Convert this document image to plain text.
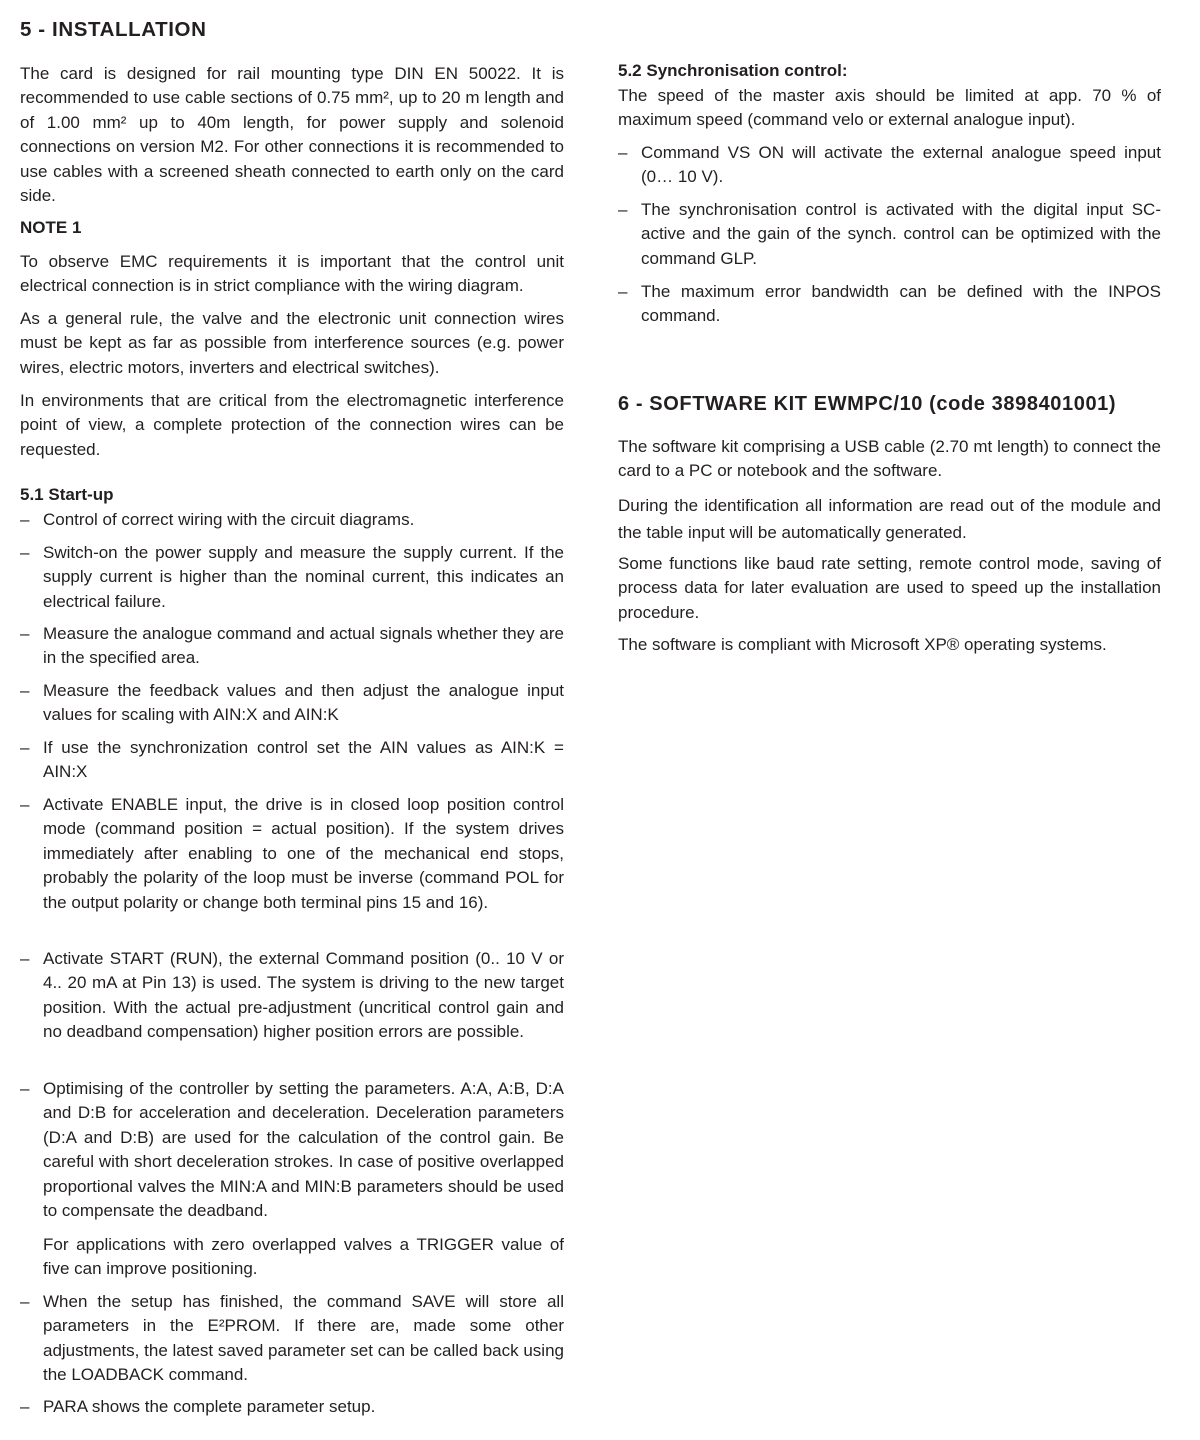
5 - INSTALLATION

The card is designed for rail mounting type DIN EN 50022. It is recommended to use cable sections of 0.75 mm², up to 20 m length and of 1.00 mm² up to 40m length, for power supply and solenoid connections on version M2. For other connections it is recommended to use cables with a screened sheath connected to earth only on the card side.

NOTE 1

To observe EMC requirements it is important that the control unit electrical connection is in strict compliance with the wiring diagram.

As a general rule, the valve and the electronic unit connection wires must be kept as far as possible from interference sources (e.g. power wires, electric motors, inverters and electrical switches).

In environments that are critical from the electromagnetic interference point of view, a complete protection of the connection wires can be requested.

5.1 Start-up
– Control of correct wiring with the circuit diagrams.
– Switch-on the power supply and measure the supply current. If the supply current is higher than the nominal current, this indicates an electrical failure.
– Measure the analogue command and actual signals whether they are in the specified area.
– Measure the feedback values and then adjust the analogue input values for scaling with AIN:X and AIN:K
– If use the synchronization control set the AIN values as AIN:K = AIN:X
– Activate ENABLE input, the drive is in closed loop position control mode (command position = actual position). If the system drives immediately after enabling to one of the mechanical end stops, probably the polarity of the loop must be inverse (command POL for the output polarity or change both terminal pins 15 and 16).
– Activate START (RUN), the external Command position (0.. 10 V or 4.. 20 mA at Pin 13) is used. The system is driving to the new target position. With the actual pre-adjustment (uncritical control gain and no deadband compensation) higher position errors are possible.
– Optimising of the controller by setting the parameters. A:A, A:B, D:A and D:B for acceleration and deceleration. Deceleration parameters (D:A and D:B) are used for the calculation of the control gain. Be careful with short deceleration strokes. In case of positive overlapped proportional valves the MIN:A and MIN:B parameters should be used to compensate the deadband.
For applications with zero overlapped valves a TRIGGER value of five can improve positioning.
– When the setup has finished, the command SAVE will store all parameters in the E²PROM. If there are, made some other adjustments, the latest saved parameter set can be called back using the LOADBACK command.
– PARA shows the complete parameter setup.
5.2 Synchronisation control:

The speed of the master axis should be limited at app. 70 % of maximum speed (command velo or external analogue input).

– Command VS ON will activate the external analogue speed input (0… 10 V).
– The synchronisation control is activated with the digital input SC-active and the gain of the synch. control can be optimized with the command GLP.
– The maximum error bandwidth can be defined with the INPOS command.
6 - SOFTWARE KIT EWMPC/10 (code 3898401001)

The software kit comprising a USB cable (2.70 mt length) to connect the card to a PC or notebook and the software.

During the identification all information are read out of the module and the table input will be automatically generated.

Some functions like baud rate setting, remote control mode, saving of process data for later evaluation are used to speed up the installation procedure.

The software is compliant with Microsoft XP® operating systems.
